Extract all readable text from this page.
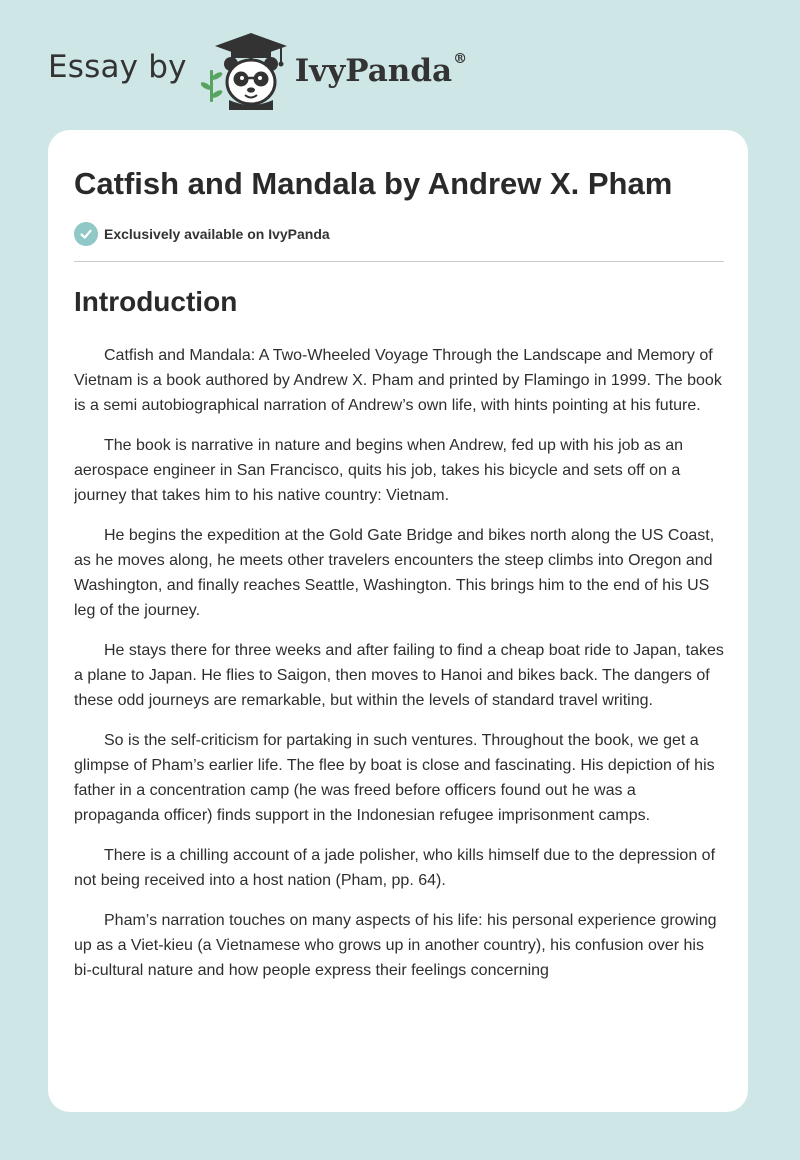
Essay by	IvyPanda®
Catfish and Mandala by Andrew X. Pham
Exclusively available on IvyPanda
Introduction

Catfish and Mandala: A Two-Wheeled Voyage Through the Landscape and Memory of Vietnam is a book authored by Andrew X. Pham and printed by Flamingo in 1999. The book is a semi autobiographical narration of Andrew’s own life, with hints pointing at his future.

The book is narrative in nature and begins when Andrew, fed up with his job as an aerospace engineer in San Francisco, quits his job, takes his bicycle and sets off on a journey that takes him to his native country: Vietnam.

He begins the expedition at the Gold Gate Bridge and bikes north along the US Coast, as he moves along, he meets other travelers encounters the steep climbs into Oregon and Washington, and finally reaches Seattle, Washington. This brings him to the end of his US leg of the journey.

He stays there for three weeks and after failing to find a cheap boat ride to Japan, takes a plane to Japan. He flies to Saigon, then moves to Hanoi and bikes back. The dangers of these odd journeys are remarkable, but within the levels of standard travel writing.

So is the self-criticism for partaking in such ventures. Throughout the book, we get a glimpse of Pham’s earlier life. The flee by boat is close and fascinating. His depiction of his father in a concentration camp (he was freed before officers found out he was a propaganda officer) finds support in the Indonesian refugee imprisonment camps.

There is a chilling account of a jade polisher, who kills himself due to the depression of not being received into a host nation (Pham, pp. 64).

Pham’s narration touches on many aspects of his life: his personal experience growing up as a Viet-kieu (a Vietnamese who grows up in another country), his confusion over his bi-cultural nature and how people express their feelings concerning
